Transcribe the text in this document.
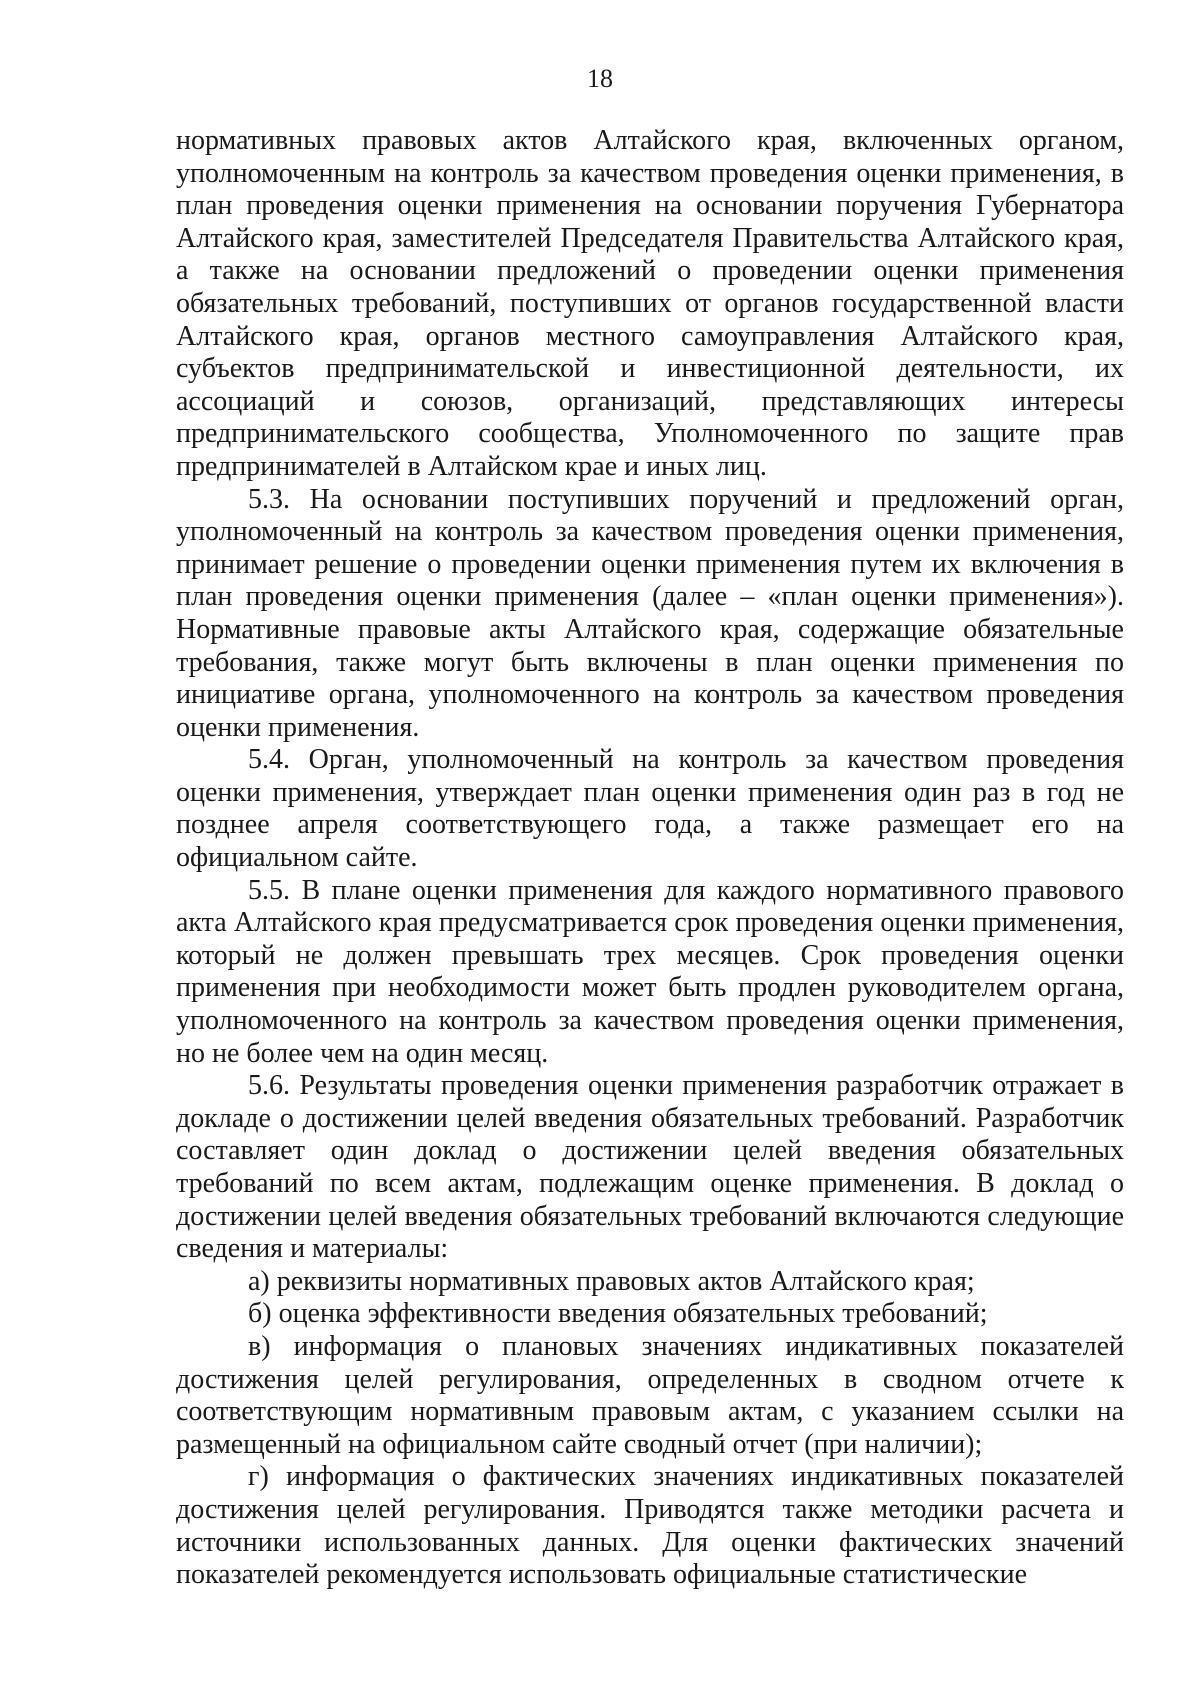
18

нормативных правовых актов Алтайского края, включенных органом, уполномоченным на контроль за качеством проведения оценки применения, в план проведения оценки применения на основании поручения Губернатора Алтайского края, заместителей Председателя Правительства Алтайского края, а также на основании предложений о проведении оценки применения обязательных требований, поступивших от органов государственной власти Алтайского края, органов местного самоуправления Алтайского края, субъектов предпринимательской и инвестиционной деятельности, их ассоциаций и союзов, организаций, представляющих интересы предпринимательского сообщества, Уполномоченного по защите прав предпринимателей в Алтайском крае и иных лиц.

5.3. На основании поступивших поручений и предложений орган, уполномоченный на контроль за качеством проведения оценки применения, принимает решение о проведении оценки применения путем их включения в план проведения оценки применения (далее – «план оценки применения»). Нормативные правовые акты Алтайского края, содержащие обязательные требования, также могут быть включены в план оценки применения по инициативе органа, уполномоченного на контроль за качеством проведения оценки применения.

5.4. Орган, уполномоченный на контроль за качеством проведения оценки применения, утверждает план оценки применения один раз в год не позднее апреля соответствующего года, а также размещает его на официальном сайте.

5.5. В плане оценки применения для каждого нормативного правового акта Алтайского края предусматривается срок проведения оценки применения, который не должен превышать трех месяцев. Срок проведения оценки применения при необходимости может быть продлен руководителем органа, уполномоченного на контроль за качеством проведения оценки применения, но не более чем на один месяц.

5.6. Результаты проведения оценки применения разработчик отражает в докладе о достижении целей введения обязательных требований. Разработчик составляет один доклад о достижении целей введения обязательных требований по всем актам, подлежащим оценке применения. В доклад о достижении целей введения обязательных требований включаются следующие сведения и материалы:

а) реквизиты нормативных правовых актов Алтайского края;

б) оценка эффективности введения обязательных требований;

в) информация о плановых значениях индикативных показателей достижения целей регулирования, определенных в сводном отчете к соответствующим нормативным правовым актам, с указанием ссылки на размещенный на официальном сайте сводный отчет (при наличии);

г) информация о фактических значениях индикативных показателей достижения целей регулирования. Приводятся также методики расчета и источники использованных данных. Для оценки фактических значений показателей рекомендуется использовать официальные статистические
